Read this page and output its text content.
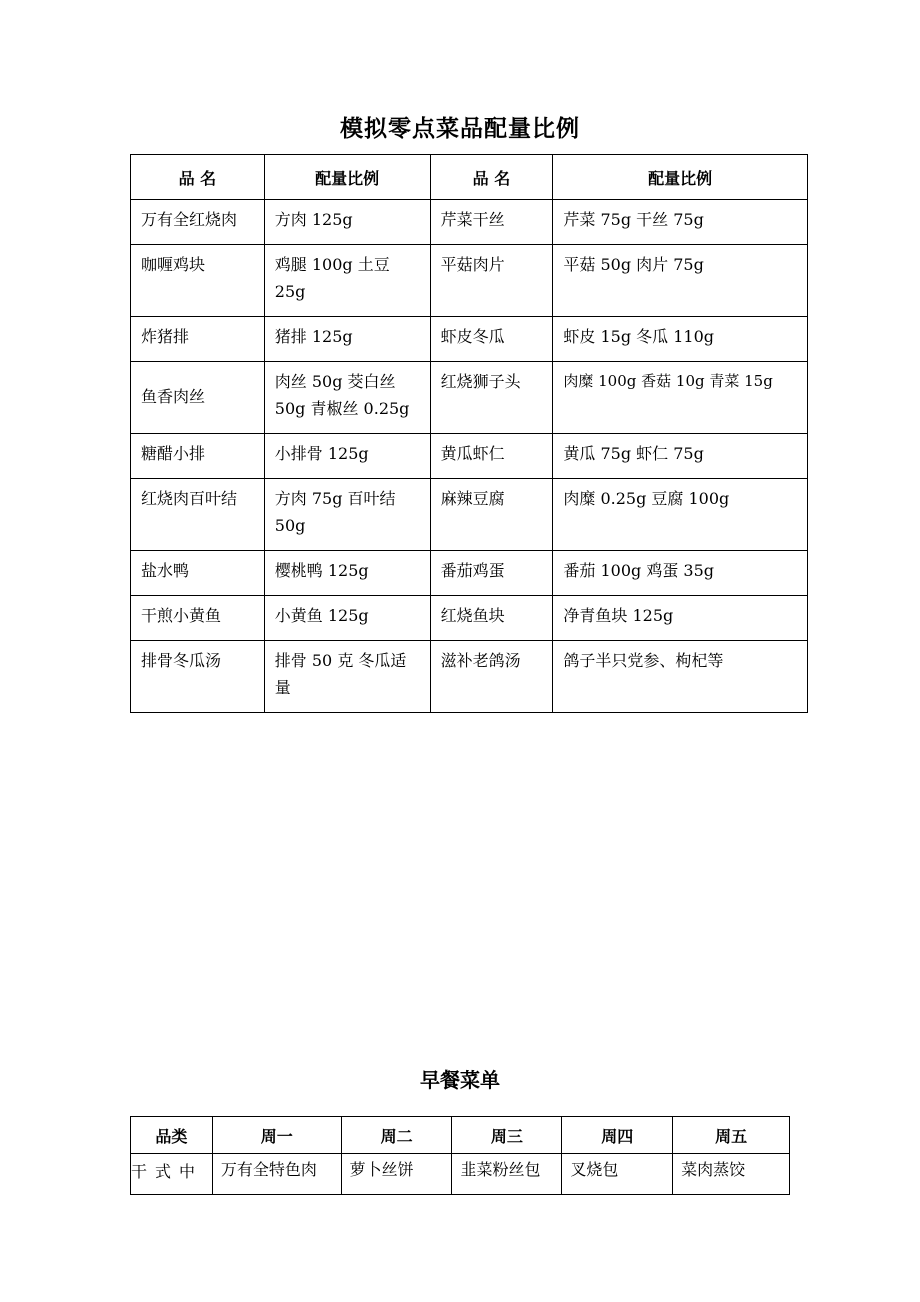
模拟零点菜品配量比例
品 名	配量比例	品 名	配量比例
万有全红烧肉	方肉 125g	芹菜干丝	芹菜 75g 干丝 75g
咖喱鸡块	鸡腿 100g 土豆 25g	平菇肉片	平菇 50g 肉片 75g
炸猪排	猪排 125g	虾皮冬瓜	虾皮 15g 冬瓜 110g
鱼香肉丝	肉丝 50g 茭白丝 50g 青椒丝 0.25g	红烧狮子头	肉糜 100g 香菇 10g 青菜 15g
糖醋小排	小排骨 125g	黄瓜虾仁	黄瓜 75g 虾仁 75g
红烧肉百叶结	方肉 75g 百叶结 50g	麻辣豆腐	肉糜 0.25g 豆腐 100g
盐水鸭	樱桃鸭 125g	番茄鸡蛋	番茄 100g 鸡蛋 35g
干煎小黄鱼	小黄鱼 125g	红烧鱼块	净青鱼块 125g
排骨冬瓜汤	排骨 50 克 冬瓜适量	滋补老鸽汤	鸽子半只党参、枸杞等
早餐菜单
品类	周一	周二	周三	周四	周五
干式中	万有全特色肉	萝卜丝饼	韭菜粉丝包	叉烧包	菜肉蒸饺
